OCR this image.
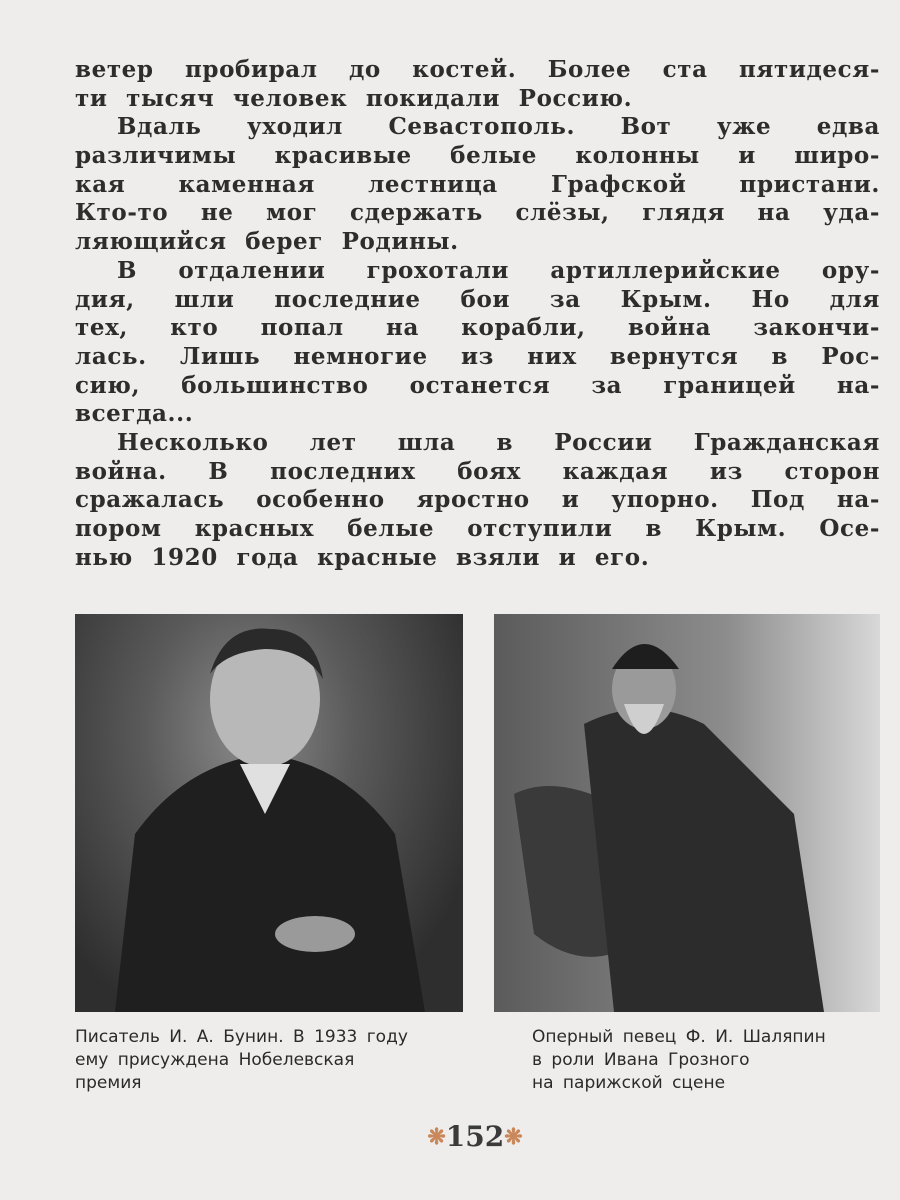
ветер пробирал до костей. Более ста пятидеся-
ти тысяч человек покидали Россию.
Вдаль уходил Севастополь. Вот уже едва
различимы красивые белые колонны и широ-
кая каменная лестница Графской пристани.
Кто-то не мог сдержать слёзы, глядя на уда-
ляющийся берег Родины.
В отдалении грохотали артиллерийские ору-
дия, шли последние бои за Крым. Но для
тех, кто попал на корабли, война закончи-
лась. Лишь немногие из них вернутся в Рос-
сию, большинство останется за границей на-
всегда...
Несколько лет шла в России Гражданская
война. В последних боях каждая из сторон
сражалась особенно яростно и упорно. Под на-
пором красных белые отступили в Крым. Осе-
нью 1920 года красные взяли и его.
Писатель И. А. Бунин. В 1933 году
ему присуждена Нобелевская
премия
Оперный певец Ф. И. Шаляпин
в роли Ивана Грозного
на парижской сцене
❋152❋
